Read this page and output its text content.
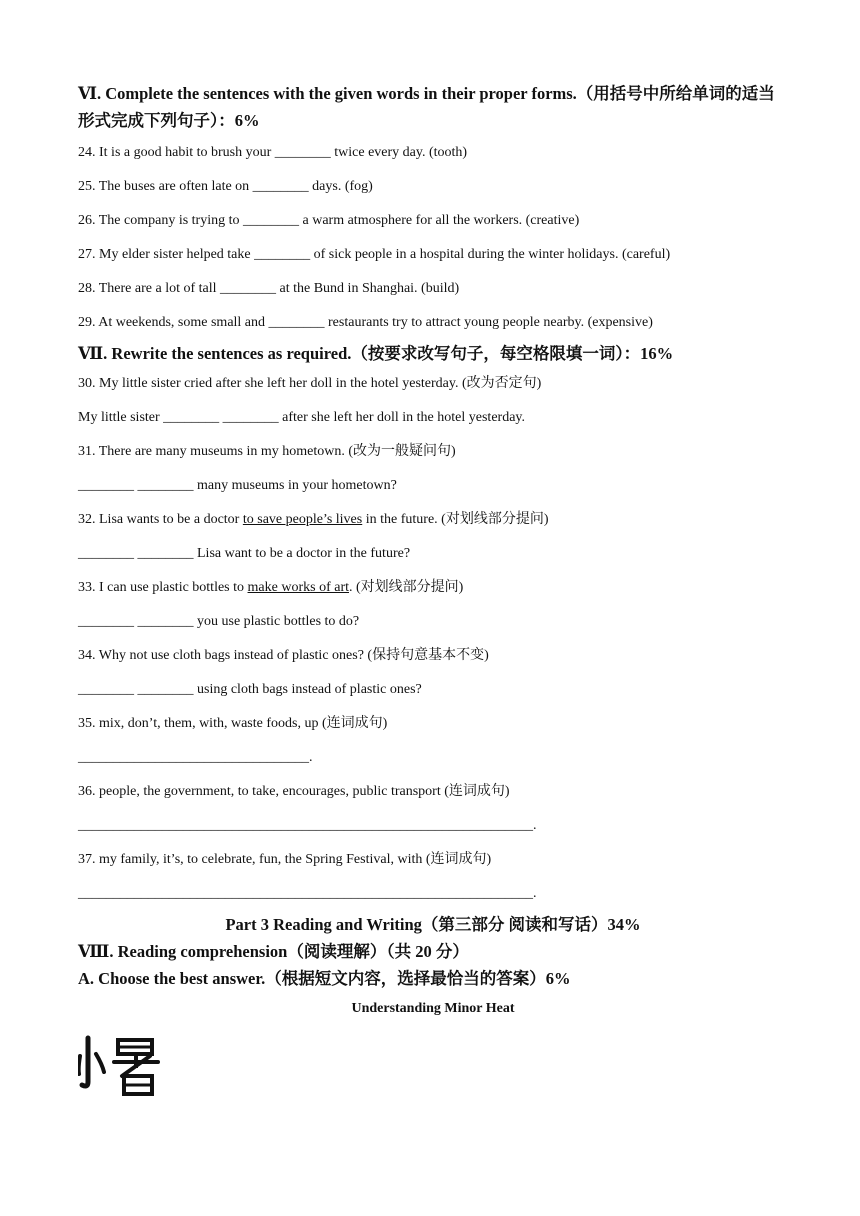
Ⅵ. Complete the sentences with the given words in their proper forms.（用括号中所给单词的适当形式完成下列句子）：6%
24. It is a good habit to brush your ________ twice every day. (tooth)
25. The buses are often late on ________ days. (fog)
26. The company is trying to ________ a warm atmosphere for all the workers. (creative)
27. My elder sister helped take ________ of sick people in a hospital during the winter holidays. (careful)
28. There are a lot of tall ________ at the Bund in Shanghai. (build)
29. At weekends, some small and ________ restaurants try to attract young people nearby. (expensive)
Ⅶ. Rewrite the sentences as required.（按要求改写句子，每空格限填一词）：16%
30. My little sister cried after she left her doll in the hotel yesterday. (改为否定句)
My little sister ________ ________ after she left her doll in the hotel yesterday.
31. There are many museums in my hometown. (改为一般疑问句)
________ ________ many museums in your hometown?
32. Lisa wants to be a doctor to save people’s lives in the future. (对划线部分提问)
________ ________ Lisa want to be a doctor in the future?
33. I can use plastic bottles to make works of art. (对划线部分提问)
________ ________ you use plastic bottles to do?
34. Why not use cloth bags instead of plastic ones? (保持句意基本不变)
________ ________ using cloth bags instead of plastic ones?
35. mix, don’t, them, with, waste foods, up (连词成句)
_________________________________.
36. people, the government, to take, encourages, public transport (连词成句)
_________________________________________________________________.
37. my family, it’s, to celebrate, fun, the Spring Festival, with (连词成句)
_________________________________________________________________.
Part 3 Reading and Writing（第三部分 阅读和写话）34%
Ⅷ. Reading comprehension（阅读理解）（共 20 分）
A. Choose the best answer.（根据短文内容，选择最恰当的答案）6%
Understanding Minor Heat
